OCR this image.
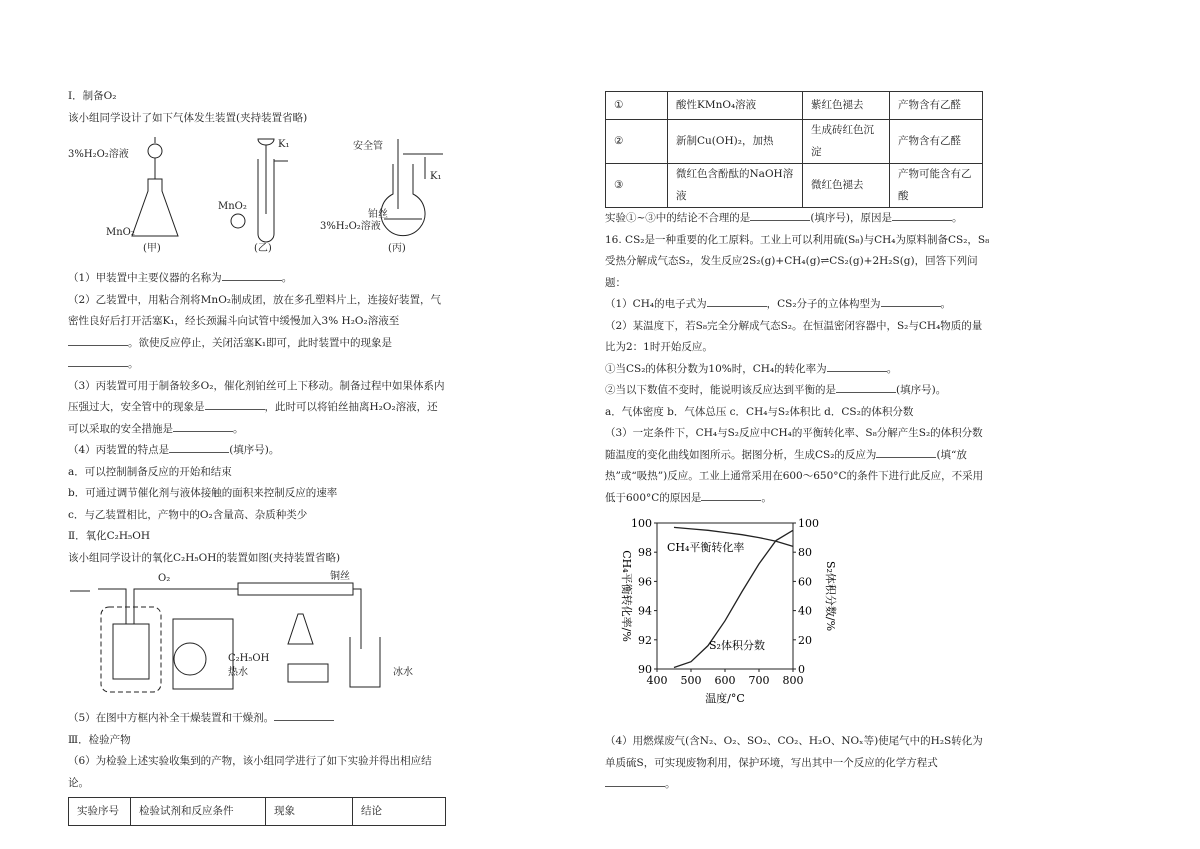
Ⅰ．制备O₂

该小组同学设计了如下气体发生装置(夹持装置省略)

3%H₂O₂溶液
MnO₂
(甲)
MnO₂
K₁
(乙)
安全管
铂丝
3%H₂O₂溶液
K₁
(丙)

（1）甲装置中主要仪器的名称为	。

（2）乙装置中，用粘合剂将MnO₂制成团，放在多孔塑料片上，连接好装置，气密性良好后打开活塞K₁，经长颈漏斗向试管中缓慢加入3% H₂O₂溶液至。欲使反应停止，关闭活塞K₁即可，此时装置中的现象是。

（3）丙装置可用于制备较多O₂，催化剂铂丝可上下移动。制备过程中如果体系内压强过大，安全管中的现象是	，此时可以将铂丝抽离H₂O₂溶液，还可以采取的安全措施是	。

（4）丙装置的特点是	(填序号)。

a．可以控制制备反应的开始和结束

b．可通过调节催化剂与液体接触的面积来控制反应的速率

c．与乙装置相比，产物中的O₂含量高、杂质种类少

Ⅱ．氧化C₂H₅OH

该小组同学设计的氧化C₂H₅OH的装置如图(夹持装置省略)

O₂	铜丝
C₂H₅OH
热水	冰水

（5）在图中方框内补全干燥装置和干燥剂。

Ⅲ．检验产物

（6）为检验上述实验收集到的产物，该小组同学进行了如下实验并得出相应结论。

实验序号	检验试剂和反应条件	现象	结论
①	酸性KMnO₄溶液	紫红色褪去	产物含有乙醛
②	新制Cu(OH)₂，加热	生成砖红色沉淀	产物含有乙醛
③	微红色含酚酞的NaOH溶液	微红色褪去	产物可能含有乙酸

实验①~③中的结论不合理的是	(填序号)，原因是	。

16. CS₂是一种重要的化工原料。工业上可以利用硫(S₈)与CH₄为原料制备CS₂，S₈受热分解成气态S₂，发生反应2S₂(g)+CH₄(g)⇌CS₂(g)+2H₂S(g)，回答下列问题：

（1）CH₄的电子式为	，CS₂分子的立体构型为	。

（2）某温度下，若S₈完全分解成气态S₂。在恒温密闭容器中，S₂与CH₄物质的量比为2：1时开始反应。

①当CS₂的体积分数为10%时，CH₄的转化率为	。

②当以下数值不变时，能说明该反应达到平衡的是	(填序号)。

a．气体密度 b．气体总压 c．CH₄与S₂体积比 d．CS₂的体积分数

（3）一定条件下，CH₄与S₂反应中CH₄的平衡转化率、S₈分解产生S₂的体积分数随温度的变化曲线如图所示。据图分析，生成CS₂的反应为	(填“放热”或“吸热”)反应。工业上通常采用在600～650°C的条件下进行此反应，不采用低于600°C的原因是	。

400 500 600 700 800
90
92
94
96
98
100
0
20
40
60
80
100
温度/°C
CH₄平衡转化率/%	S₂体积分数/%
CH₄平衡转化率
S₂体积分数

（4）用燃煤废气(含N₂、O₂、SO₂、CO₂、H₂O、NOₓ等)使尾气中的H₂S转化为单质硫S，可实现废物利用，保护环境，写出其中一个反应的化学方程式。
